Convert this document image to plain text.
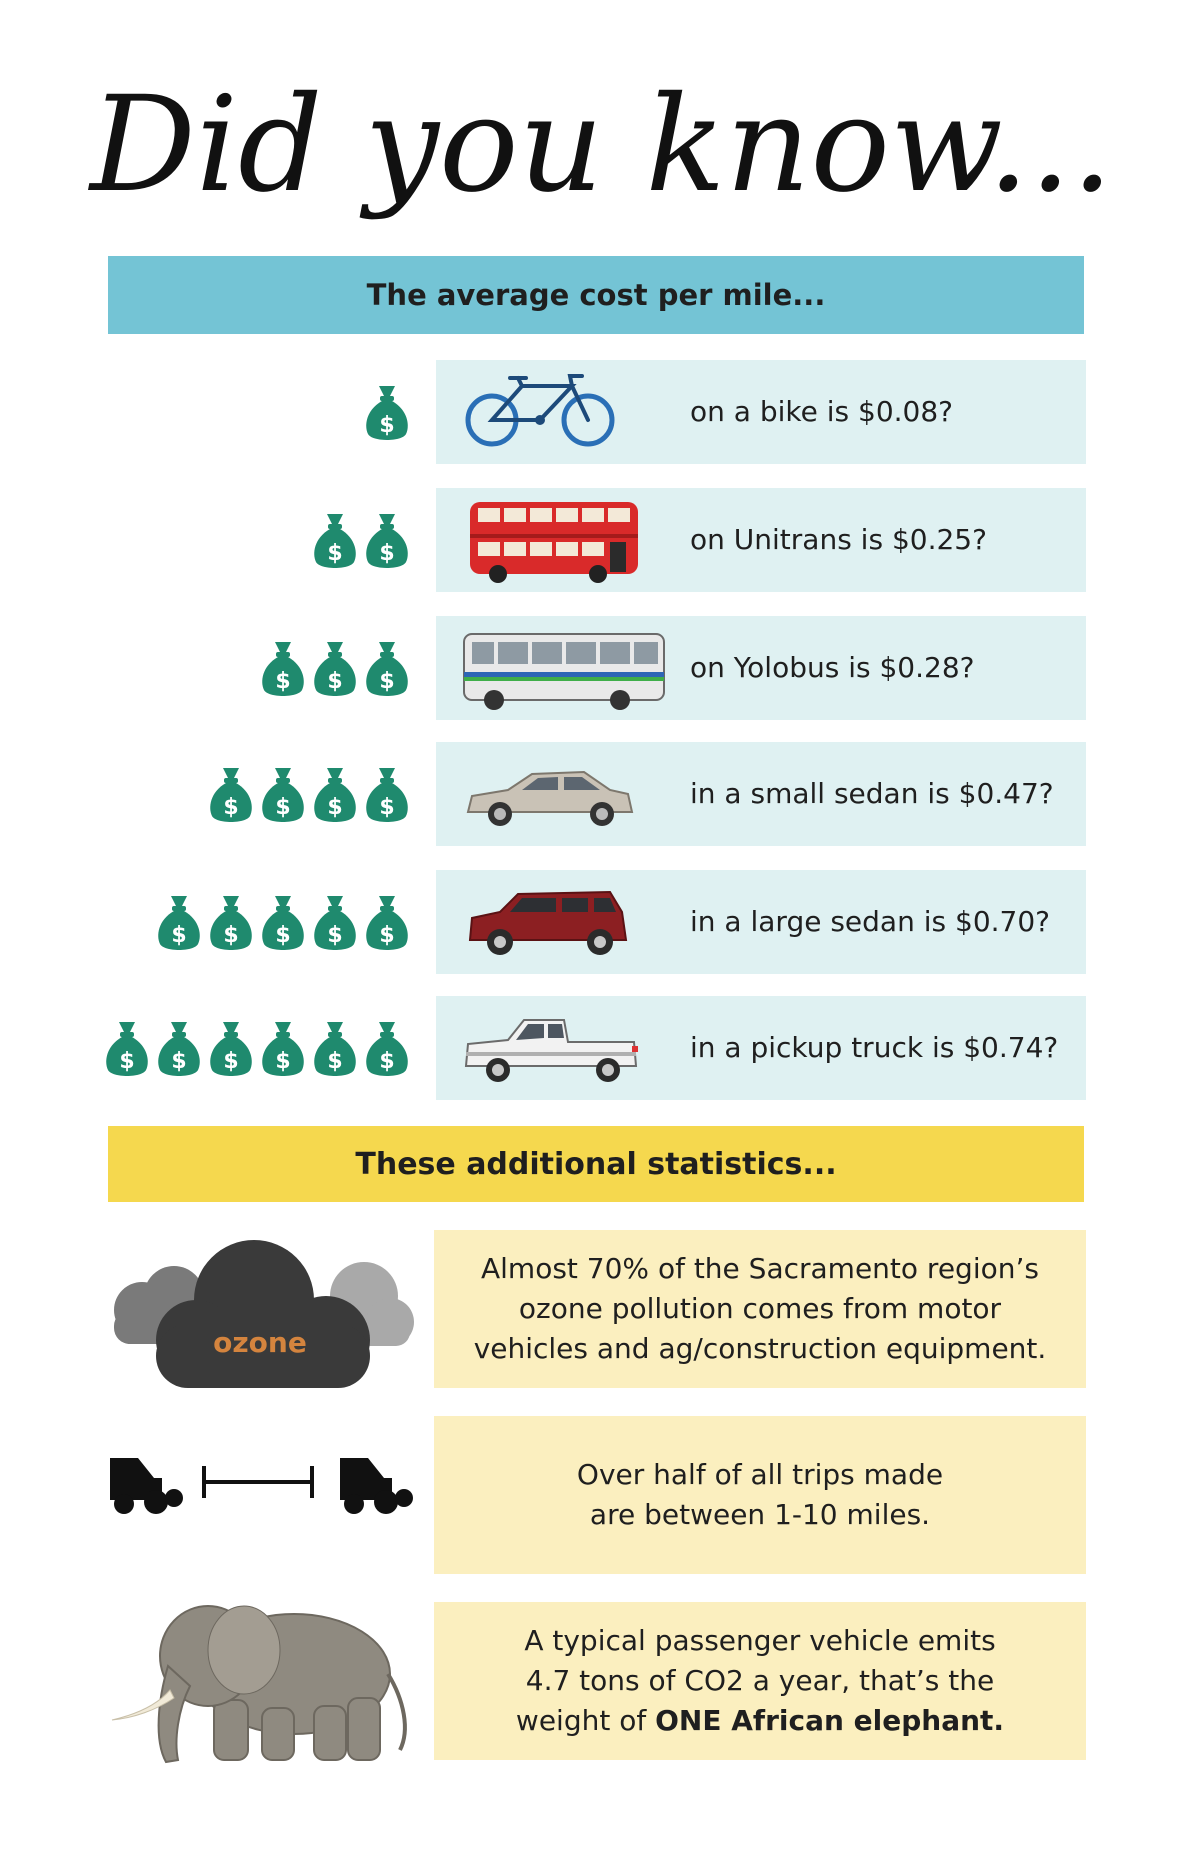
Did you know...
The average cost per mile...
$	on a bike is $0.08?
$ $	on Unitrans is $0.25?
$ $ $	on Yolobus is $0.28?
$ $ $ $	in a small sedan is $0.47?
$ $ $ $ $	in a large sedan is $0.70?
$ $ $ $ $ $	in a pickup truck is $0.74?
These additional statistics...
ozone
Almost 70% of the Sacramento region’s
ozone pollution comes from motor
vehicles and ag/construction equipment.
Over half of all trips made
are between 1-10 miles.
A typical passenger vehicle emits
4.7 tons of CO2 a year, that’s the
weight of ONE African elephant.
